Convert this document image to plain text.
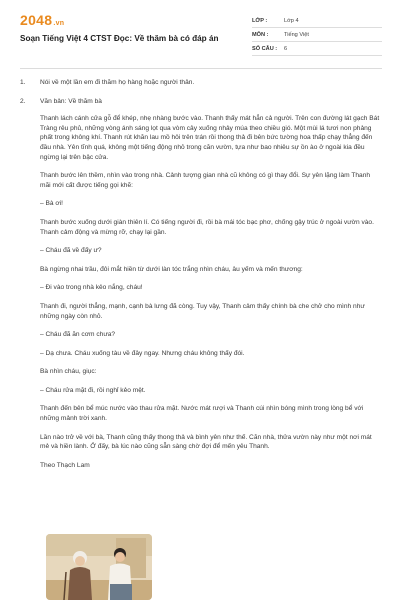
2048.vn
Soạn Tiếng Việt 4 CTST Đọc: Về thăm bà có đáp án
LỚP :	Lớp 4
MÔN :	Tiếng Việt
SỐ CÂU :	6
1.	Nói về một lần em đi thăm họ hàng hoặc người thân.
2.	Văn bản: Về thăm bà

Thanh lách cánh cửa gỗ để khép, nhẹ nhàng bước vào. Thanh thấy mát hẳn cả người. Trên con đường lát gạch Bát Tràng rêu phủ, những vòng ánh sáng lọt qua vòm cây xuống nhảy múa theo chiều gió. Một mùi lá tươi non phảng phất trong không khí. Thanh rút khăn lau mồ hôi trên trán rồi thong thả đi bên bức tường hoa thấp chạy thẳng đến đầu nhà. Yên tĩnh quá, không một tiếng động nhỏ trong căn vườn, tựa như bao nhiêu sự ồn ào ở ngoài kia đều ngừng lại trên bậc cửa.

Thanh bước lên thềm, nhìn vào trong nhà. Cảnh tượng gian nhà cũ không có gì thay đổi. Sự yên lặng làm Thanh mãi mới cất được tiếng gọi khẽ:

– Bà ơi!

Thanh bước xuống dưới giàn thiên lí. Có tiếng người đi, rồi bà mái tóc bạc phơ, chống gậy trúc ở ngoài vườn vào. Thanh cảm động và mừng rỡ, chạy lại gần.

– Cháu đã về đấy ư?

Bà ngừng nhai trầu, đôi mắt hiền từ dưới làn tóc trắng nhìn cháu, âu yếm và mến thương:

– Đi vào trong nhà kẻo nắng, cháu!

Thanh đi, người thẳng, mạnh, cạnh bà lưng đã còng. Tuy vậy, Thanh cảm thấy chính bà che chở cho mình như những ngày còn nhỏ.

– Cháu đã ăn cơm chưa?

– Dạ chưa. Cháu xuống tàu về đây ngay. Nhưng cháu không thấy đói.

Bà nhìn cháu, giục:

– Cháu rửa mặt đi, rồi nghỉ kẻo mệt.

Thanh đến bên bể múc nước vào thau rửa mặt. Nước mát rượi và Thanh cúi nhìn bóng mình trong lòng bể với những mảnh trời xanh.

Lần nào trở về với bà, Thanh cũng thấy thong thả và bình yên như thế. Căn nhà, thửa vườn này như một nơi mát mẻ và hiền lành. Ở đấy, bà lúc nào cũng sẵn sàng chờ đợi để mến yêu Thanh.

Theo Thạch Lam
